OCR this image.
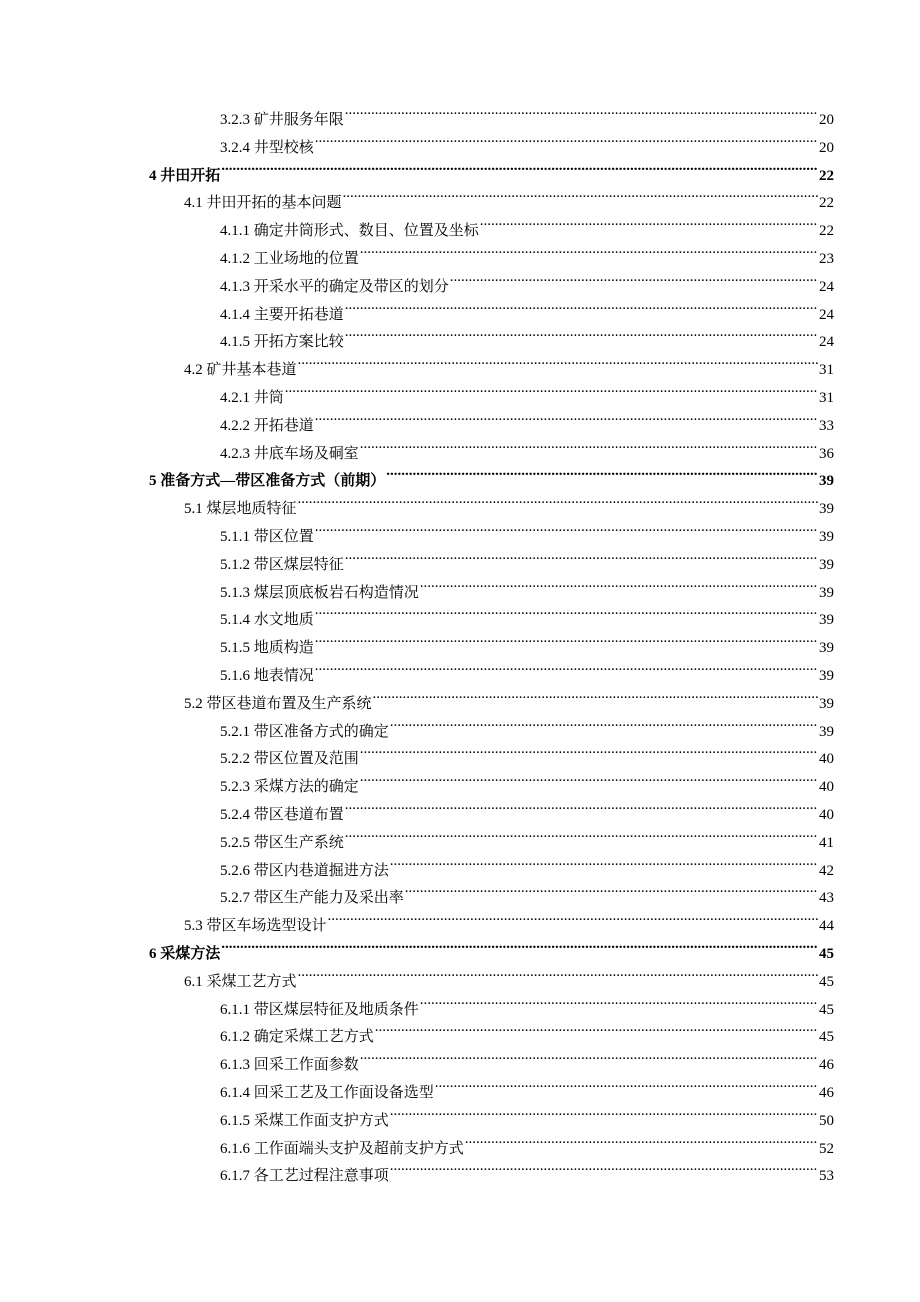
3.2.3 矿井服务年限 .....	20
3.2.4 井型校核 .....	20
4 井田开拓 .....	22
4.1 井田开拓的基本问题 .....	22
4.1.1 确定井筒形式、数目、位置及坐标 .....	22
4.1.2 工业场地的位置 .....	23
4.1.3 开采水平的确定及带区的划分 .....	24
4.1.4 主要开拓巷道 .....	24
4.1.5 开拓方案比较 .....	24
4.2 矿井基本巷道 .....	31
4.2.1 井筒 .....	31
4.2.2 开拓巷道 .....	33
4.2.3 井底车场及硐室 .....	36
5 准备方式—带区准备方式（前期） .....	39
5.1 煤层地质特征 .....	39
5.1.1 带区位置 .....	39
5.1.2 带区煤层特征 .....	39
5.1.3 煤层顶底板岩石构造情况 .....	39
5.1.4 水文地质 .....	39
5.1.5 地质构造 .....	39
5.1.6 地表情况 .....	39
5.2 带区巷道布置及生产系统 .....	39
5.2.1 带区准备方式的确定 .....	39
5.2.2 带区位置及范围 .....	40
5.2.3 采煤方法的确定 .....	40
5.2.4 带区巷道布置 .....	40
5.2.5 带区生产系统 .....	41
5.2.6 带区内巷道掘进方法 .....	42
5.2.7 带区生产能力及采出率 .....	43
5.3 带区车场选型设计 .....	44
6 采煤方法 .....	45
6.1 采煤工艺方式 .....	45
6.1.1 带区煤层特征及地质条件 .....	45
6.1.2 确定采煤工艺方式 .....	45
6.1.3 回采工作面参数 .....	46
6.1.4 回采工艺及工作面设备选型 .....	46
6.1.5 采煤工作面支护方式 .....	50
6.1.6 工作面端头支护及超前支护方式 .....	52
6.1.7 各工艺过程注意事项 .....	53
